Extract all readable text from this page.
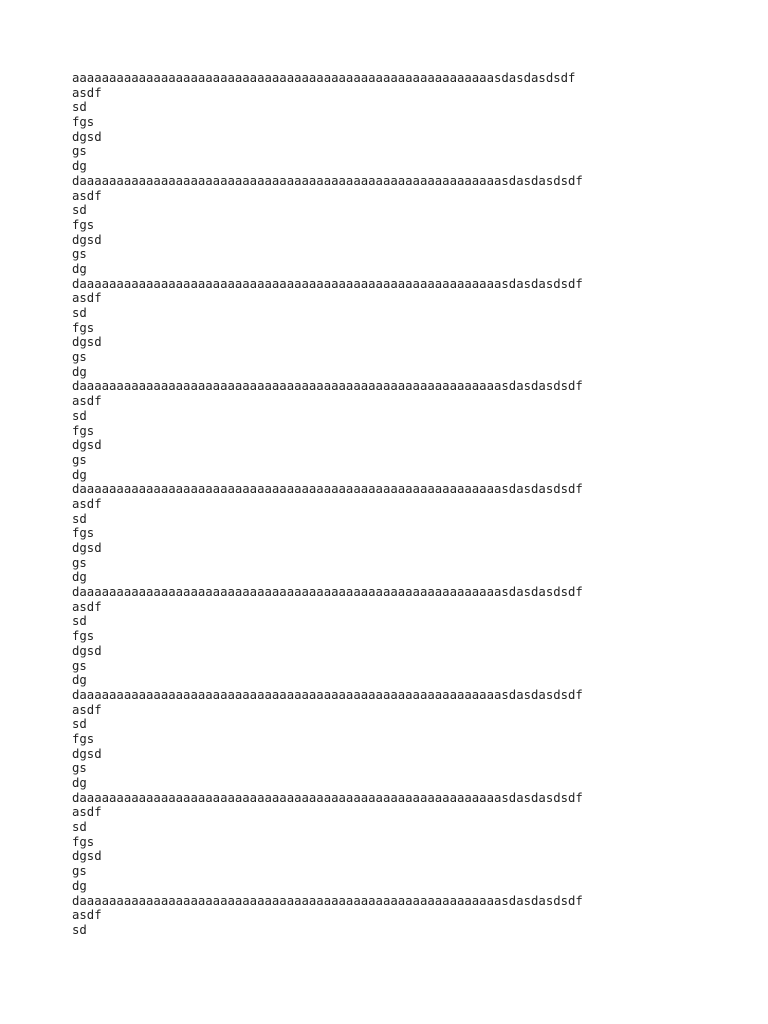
aaaaaaaaaaaaaaaaaaaaaaaaaaaaaaaaaaaaaaaaaaaaaaaaaaaaaaaaasdasdasdsdf
asdf
sd
fgs
dgsd
gs
dg
daaaaaaaaaaaaaaaaaaaaaaaaaaaaaaaaaaaaaaaaaaaaaaaaaaaaaaaaasdasdasdsdf
asdf
sd
fgs
dgsd
gs
dg
daaaaaaaaaaaaaaaaaaaaaaaaaaaaaaaaaaaaaaaaaaaaaaaaaaaaaaaaasdasdasdsdf
asdf
sd
fgs
dgsd
gs
dg
daaaaaaaaaaaaaaaaaaaaaaaaaaaaaaaaaaaaaaaaaaaaaaaaaaaaaaaaasdasdasdsdf
asdf
sd
fgs
dgsd
gs
dg
daaaaaaaaaaaaaaaaaaaaaaaaaaaaaaaaaaaaaaaaaaaaaaaaaaaaaaaaasdasdasdsdf
asdf
sd
fgs
dgsd
gs
dg
daaaaaaaaaaaaaaaaaaaaaaaaaaaaaaaaaaaaaaaaaaaaaaaaaaaaaaaaasdasdasdsdf
asdf
sd
fgs
dgsd
gs
dg
daaaaaaaaaaaaaaaaaaaaaaaaaaaaaaaaaaaaaaaaaaaaaaaaaaaaaaaaasdasdasdsdf
asdf
sd
fgs
dgsd
gs
dg
daaaaaaaaaaaaaaaaaaaaaaaaaaaaaaaaaaaaaaaaaaaaaaaaaaaaaaaaasdasdasdsdf
asdf
sd
fgs
dgsd
gs
dg
daaaaaaaaaaaaaaaaaaaaaaaaaaaaaaaaaaaaaaaaaaaaaaaaaaaaaaaaasdasdasdsdf
asdf
sd
